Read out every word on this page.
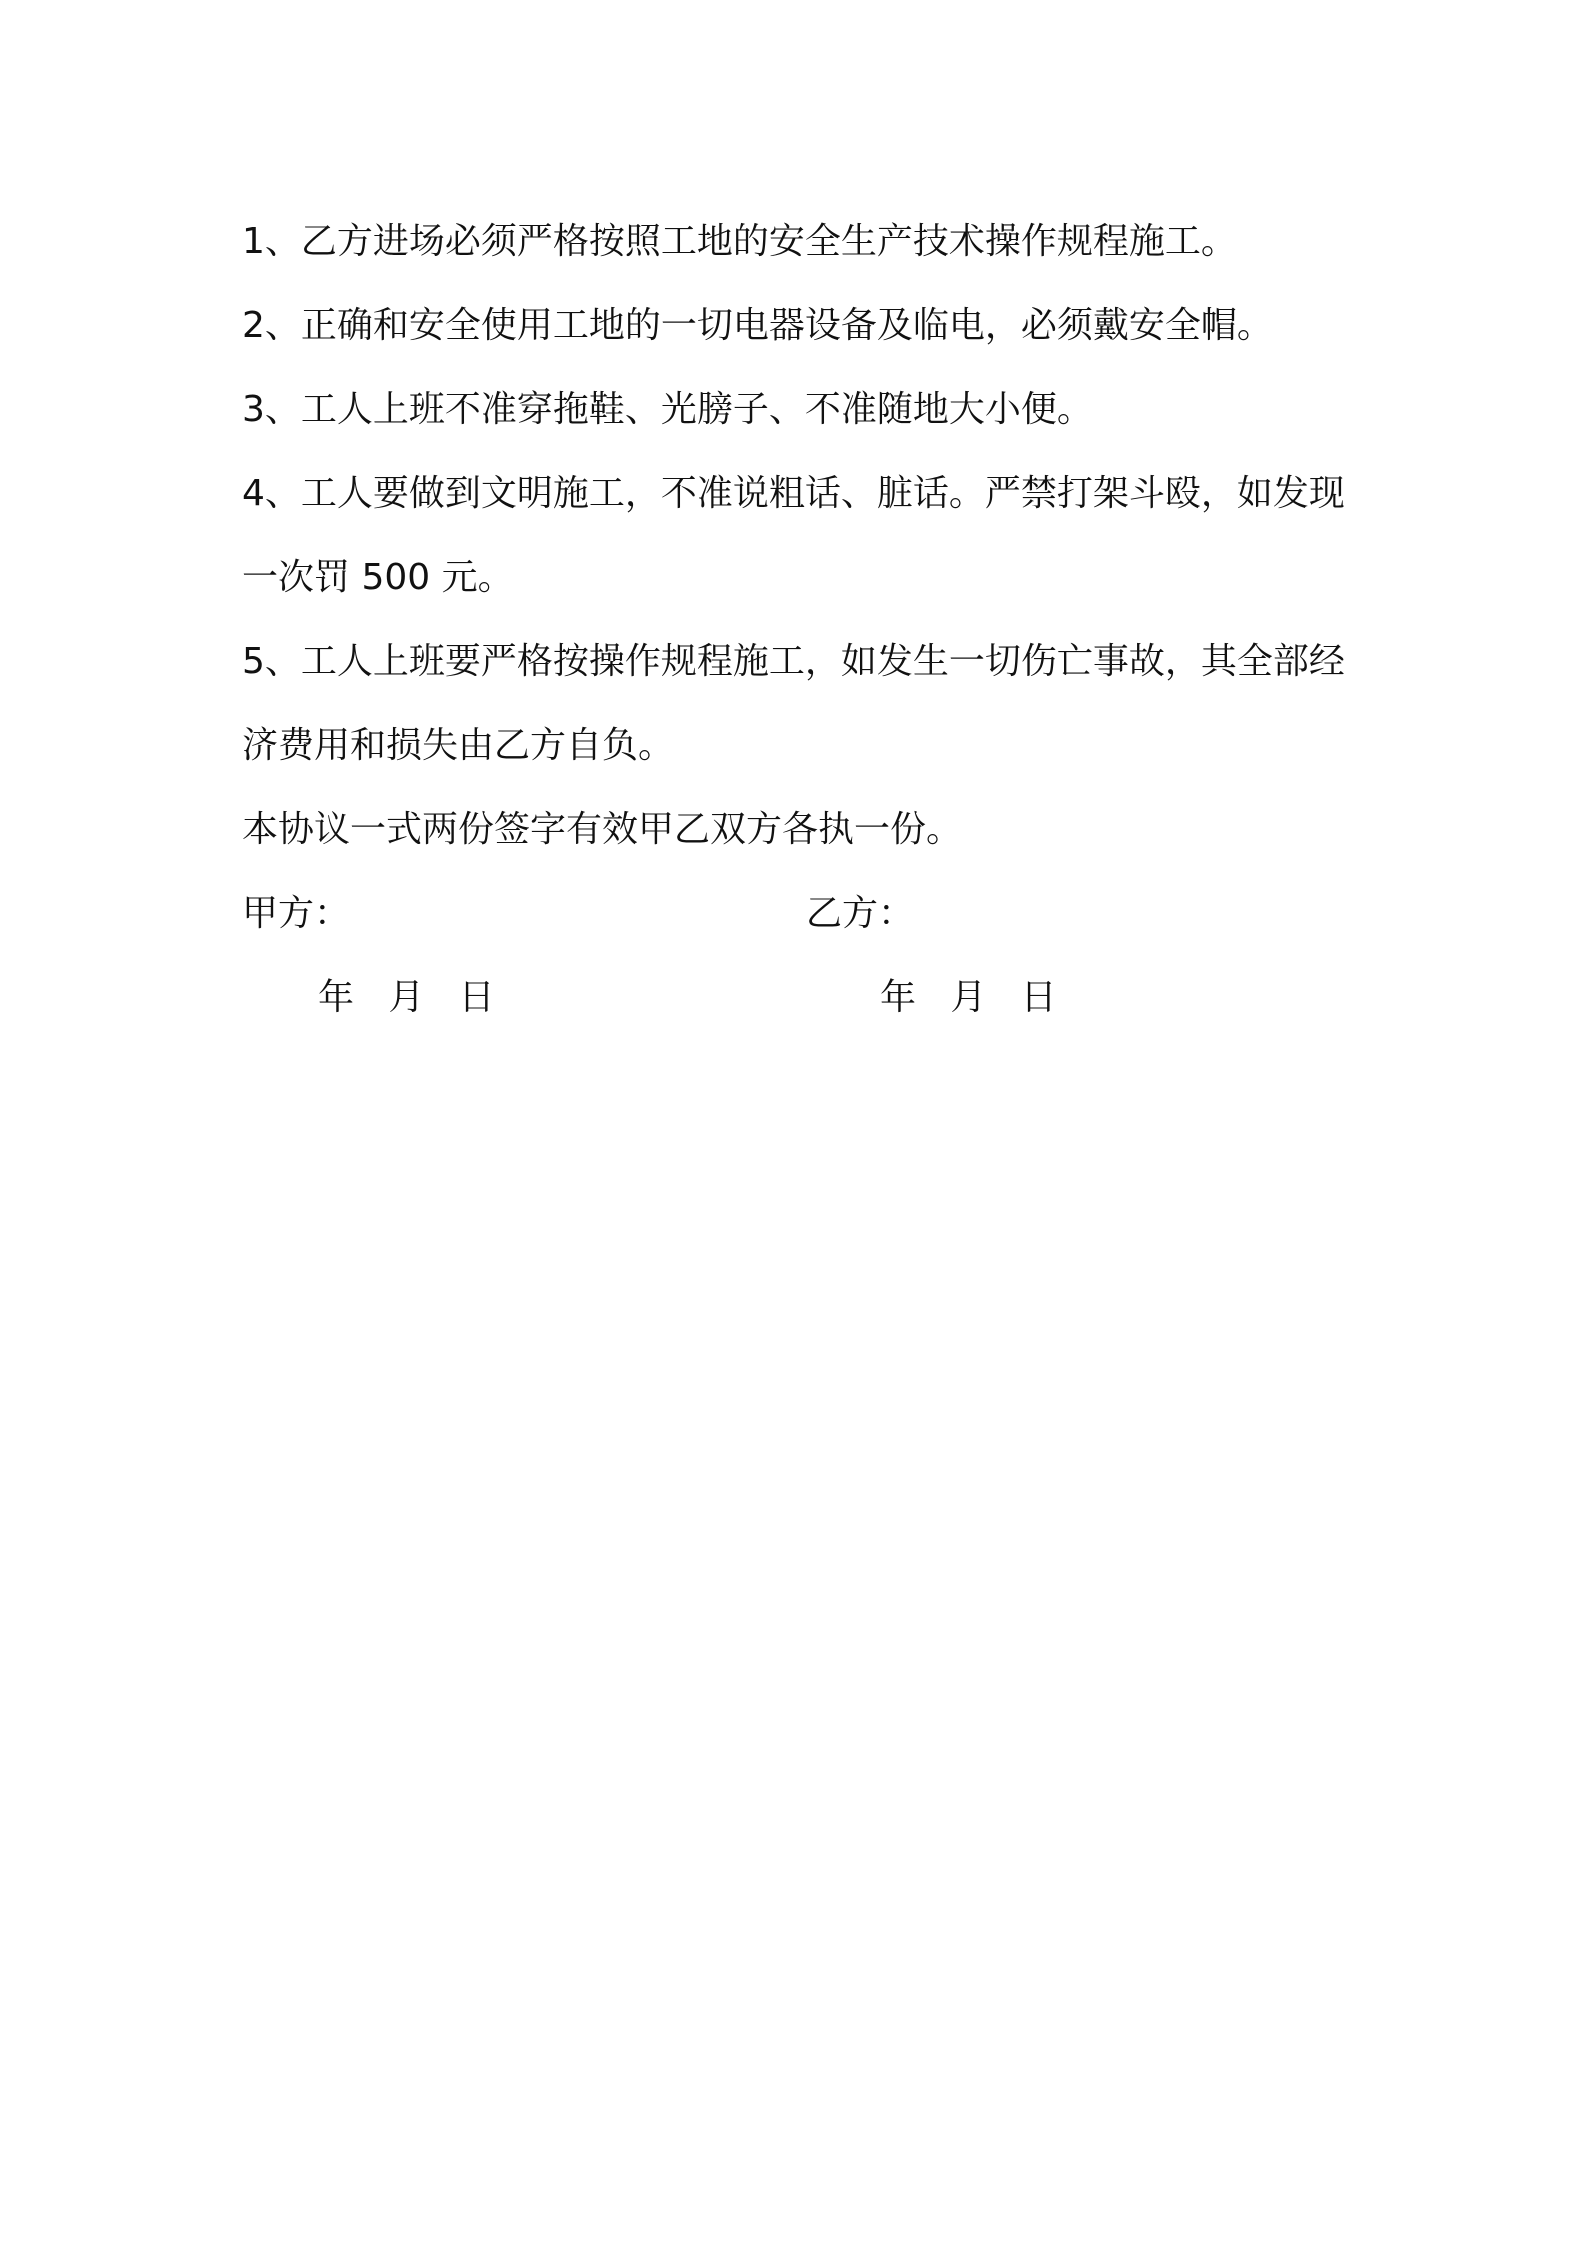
1、乙方进场必须严格按照工地的安全生产技术操作规程施工。

2、正确和安全使用工地的一切电器设备及临电，必须戴安全帽。

3、工人上班不准穿拖鞋、光膀子、不准随地大小便。

4、工人要做到文明施工，不准说粗话、脏话。严禁打架斗殴，如发现一次罚 500 元。

5、工人上班要严格按操作规程施工，如发生一切伤亡事故，其全部经济费用和损失由乙方自负。

本协议一式两份签字有效甲乙双方各执一份。

甲方：	乙方：
年   月   日	年   月   日
